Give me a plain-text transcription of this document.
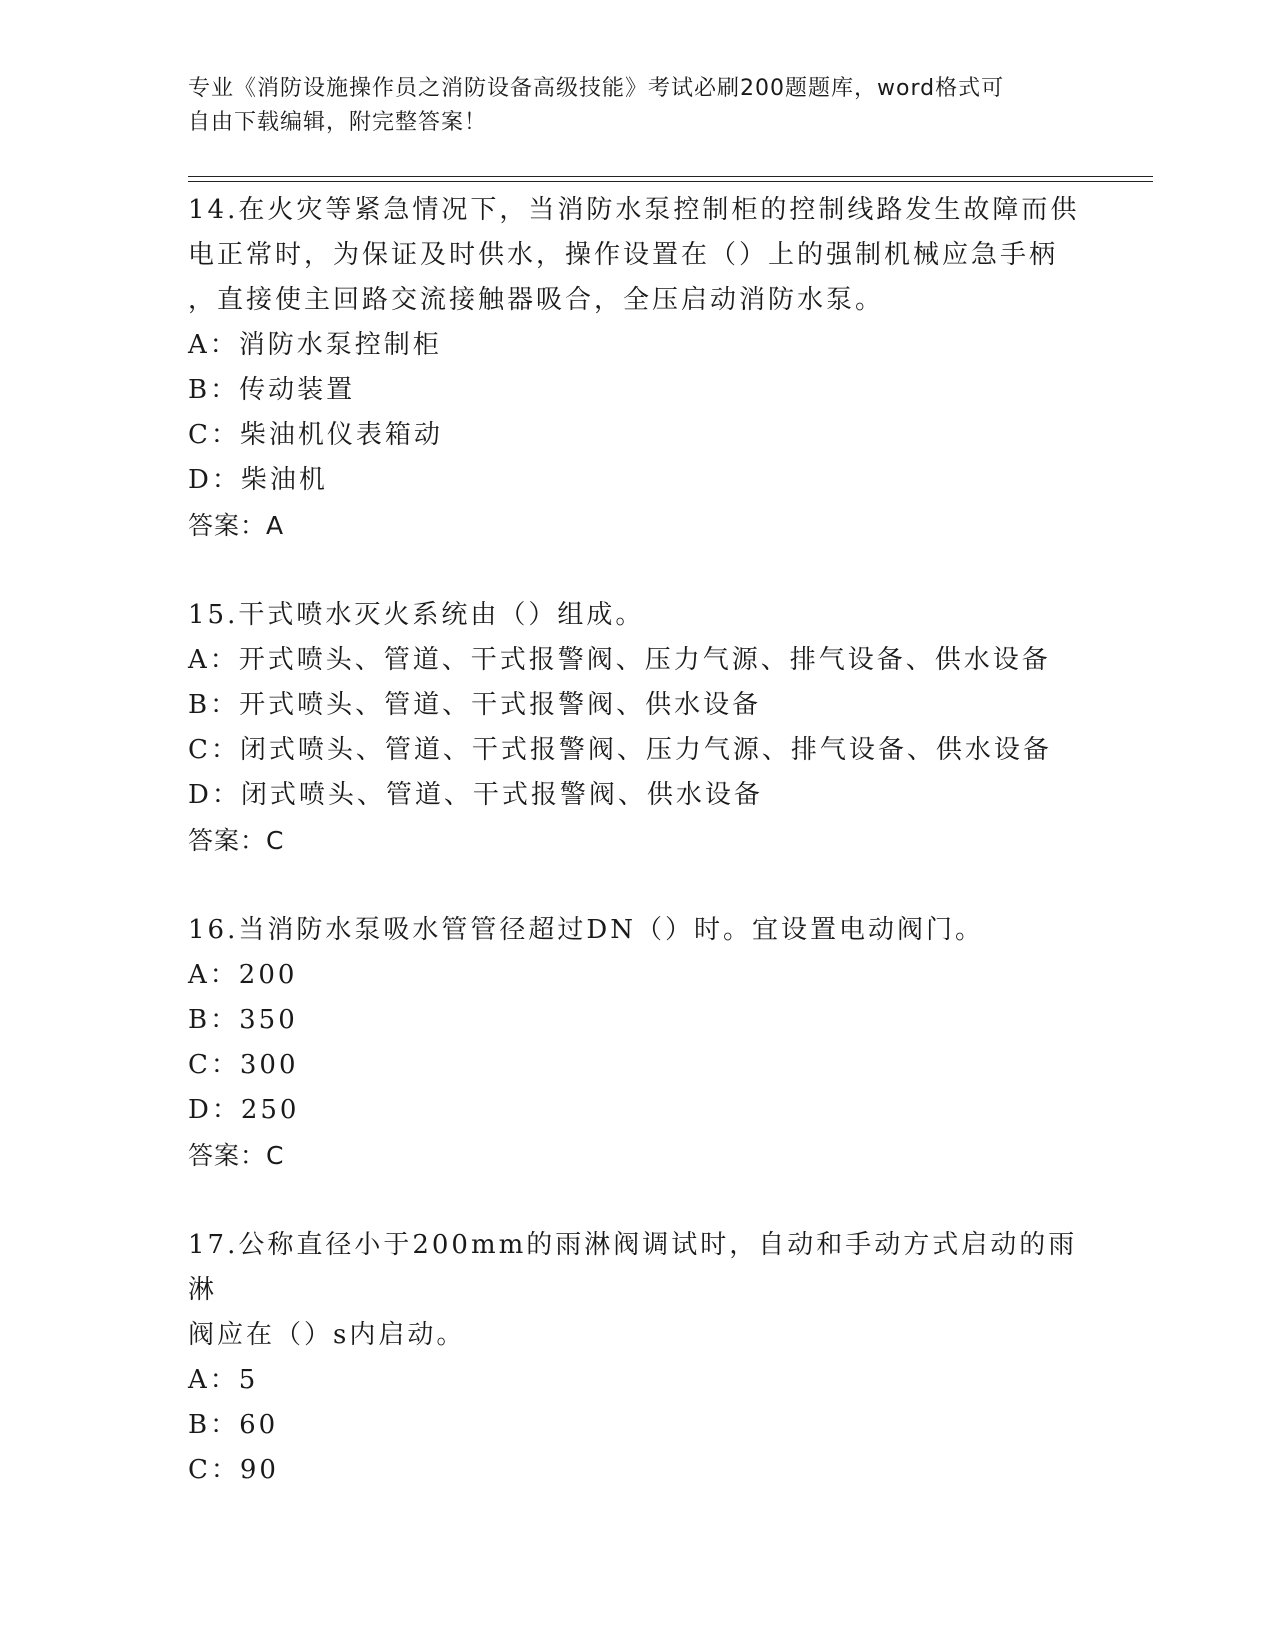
专业《消防设施操作员之消防设备高级技能》考试必刷200题题库，word格式可
自由下载编辑，附完整答案！
14.在火灾等紧急情况下，当消防水泵控制柜的控制线路发生故障而供
电正常时，为保证及时供水，操作设置在（）上的强制机械应急手柄
，直接使主回路交流接触器吸合，全压启动消防水泵。
A：消防水泵控制柜
B：传动装置
C：柴油机仪表箱动
D：柴油机
答案：A
15.干式喷水灭火系统由（）组成。
A：开式喷头、管道、干式报警阀、压力气源、排气设备、供水设备
B：开式喷头、管道、干式报警阀、供水设备
C：闭式喷头、管道、干式报警阀、压力气源、排气设备、供水设备
D：闭式喷头、管道、干式报警阀、供水设备
答案：C
16.当消防水泵吸水管管径超过DN（）时。宜设置电动阀门。
A：200
B：350
C：300
D：250
答案：C
17.公称直径小于200mm的雨淋阀调试时，自动和手动方式启动的雨淋
阀应在（）s内启动。
A：5
B：60
C：90
